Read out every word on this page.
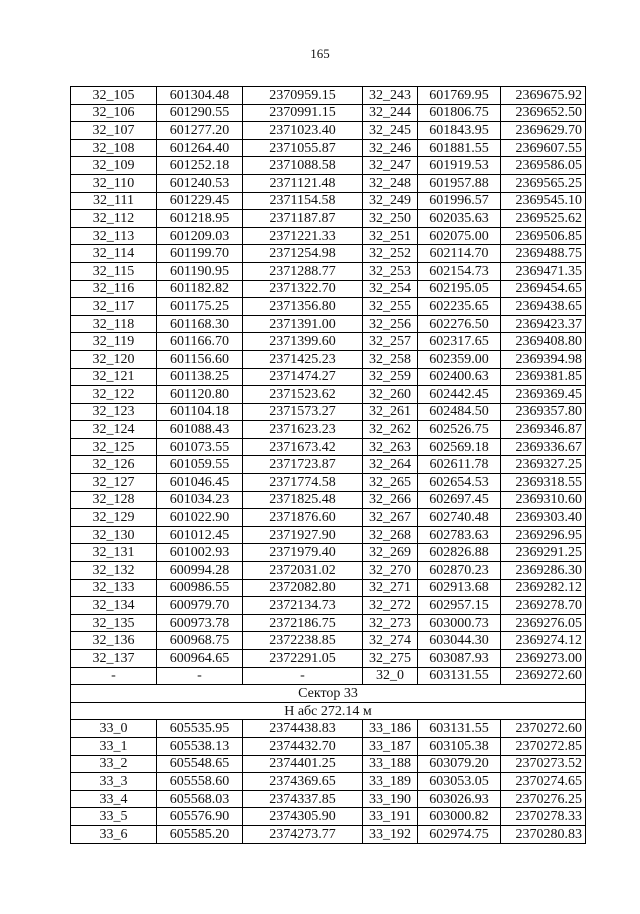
165
32_105	601304.48	2370959.15	32_243	601769.95	2369675.92
32_106	601290.55	2370991.15	32_244	601806.75	2369652.50
32_107	601277.20	2371023.40	32_245	601843.95	2369629.70
32_108	601264.40	2371055.87	32_246	601881.55	2369607.55
32_109	601252.18	2371088.58	32_247	601919.53	2369586.05
32_110	601240.53	2371121.48	32_248	601957.88	2369565.25
32_111	601229.45	2371154.58	32_249	601996.57	2369545.10
32_112	601218.95	2371187.87	32_250	602035.63	2369525.62
32_113	601209.03	2371221.33	32_251	602075.00	2369506.85
32_114	601199.70	2371254.98	32_252	602114.70	2369488.75
32_115	601190.95	2371288.77	32_253	602154.73	2369471.35
32_116	601182.82	2371322.70	32_254	602195.05	2369454.65
32_117	601175.25	2371356.80	32_255	602235.65	2369438.65
32_118	601168.30	2371391.00	32_256	602276.50	2369423.37
32_119	601166.70	2371399.60	32_257	602317.65	2369408.80
32_120	601156.60	2371425.23	32_258	602359.00	2369394.98
32_121	601138.25	2371474.27	32_259	602400.63	2369381.85
32_122	601120.80	2371523.62	32_260	602442.45	2369369.45
32_123	601104.18	2371573.27	32_261	602484.50	2369357.80
32_124	601088.43	2371623.23	32_262	602526.75	2369346.87
32_125	601073.55	2371673.42	32_263	602569.18	2369336.67
32_126	601059.55	2371723.87	32_264	602611.78	2369327.25
32_127	601046.45	2371774.58	32_265	602654.53	2369318.55
32_128	601034.23	2371825.48	32_266	602697.45	2369310.60
32_129	601022.90	2371876.60	32_267	602740.48	2369303.40
32_130	601012.45	2371927.90	32_268	602783.63	2369296.95
32_131	601002.93	2371979.40	32_269	602826.88	2369291.25
32_132	600994.28	2372031.02	32_270	602870.23	2369286.30
32_133	600986.55	2372082.80	32_271	602913.68	2369282.12
32_134	600979.70	2372134.73	32_272	602957.15	2369278.70
32_135	600973.78	2372186.75	32_273	603000.73	2369276.05
32_136	600968.75	2372238.85	32_274	603044.30	2369274.12
32_137	600964.65	2372291.05	32_275	603087.93	2369273.00
-	-	-	32_0	603131.55	2369272.60
Сектор 33					
Н абс 272.14 м					
33_0	605535.95	2374438.83	33_186	603131.55	2370272.60
33_1	605538.13	2374432.70	33_187	603105.38	2370272.85
33_2	605548.65	2374401.25	33_188	603079.20	2370273.52
33_3	605558.60	2374369.65	33_189	603053.05	2370274.65
33_4	605568.03	2374337.85	33_190	603026.93	2370276.25
33_5	605576.90	2374305.90	33_191	603000.82	2370278.33
33_6	605585.20	2374273.77	33_192	602974.75	2370280.83
